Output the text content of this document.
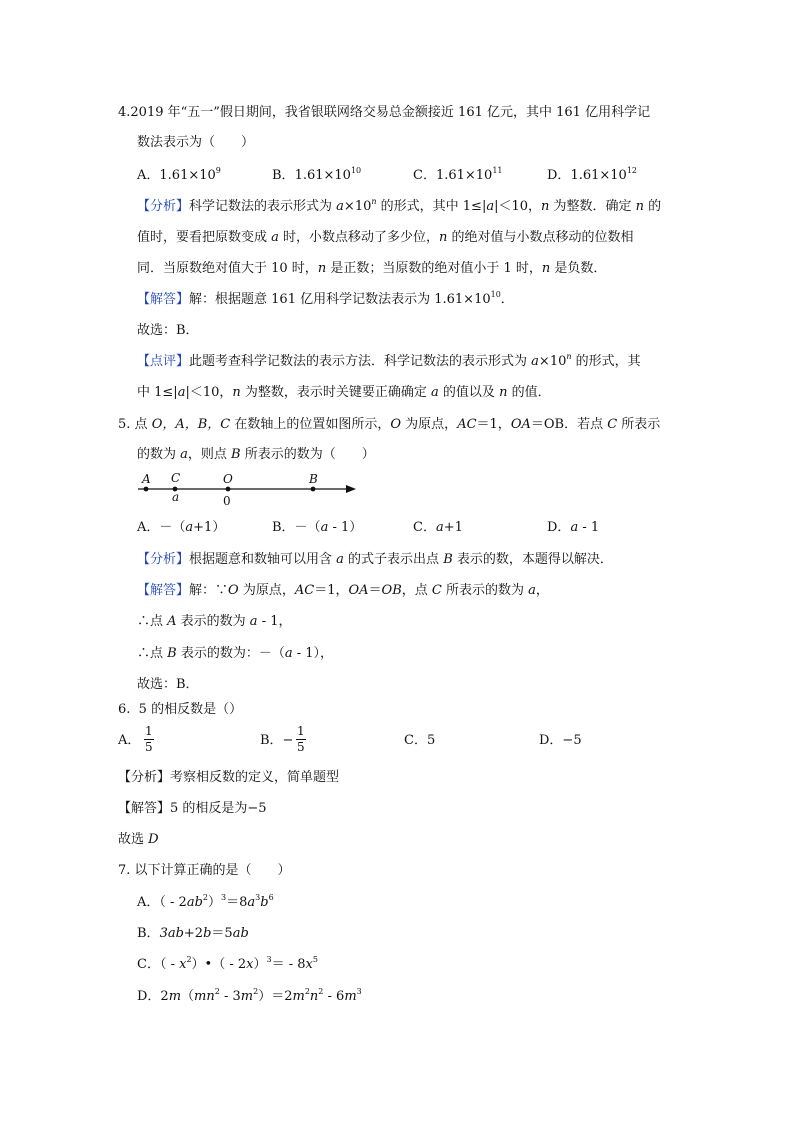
4.2019 年“五一”假日期间，我省银联网络交易总金额接近 161 亿元，其中 161 亿用科学记
数法表示为（　　）
A．$1.61\times 10^9$	B．$1.61\times 10^{10}$	C．$1.61\times 10^{11}$	D．$1.61\times 10^{12}$
【分析】科学记数法的表示形式为 $a\times 10^n$ 的形式，其中 1≤|a|＜10，n 为整数．确定 n 的
值时，要看把原数变成 a 时，小数点移动了多少位，n 的绝对值与小数点移动的位数相
同．当原数绝对值大于 10 时，n 是正数；当原数的绝对值小于 1 时，n 是负数．
【解答】解：根据题意 161 亿用科学记数法表示为 $1.61\times 10^{10}$．
故选：B．
【点评】此题考查科学记数法的表示方法．科学记数法的表示形式为 $a\times 10^n$ 的形式，其
中 1≤|a|＜10，n 为整数，表示时关键要正确确定 a 的值以及 n 的值．
5. 点 O，A，B，C 在数轴上的位置如图所示，O 为原点，AC＝1，OA＝OB．若点 C 所表示
的数为 a，则点 B 所表示的数为（　　）
A C	O	B
a	0
A．－（a+1）	B．－（a - 1）	C．a+1	D．a - 1
【分析】根据题意和数轴可以用含 a 的式子表示出点 B 表示的数，本题得以解决．
【解答】解：∵O 为原点，AC＝1，OA＝OB，点 C 所表示的数为 a，
∴点 A 表示的数为 a - 1，
∴点 B 表示的数为：－（a - 1），
故选：B．
6. 5 的相反数是（）
A． $\frac{1}{5}$	B．− $\frac{1}{5}$	C．5	D．−5
【分析】考察相反数的定义，简单题型
【解答】5 的相反是为−5
故选 D
7. 以下计算正确的是（　　）
A．（ - $2ab^2)^3=8a^3b^6$
B．3ab+2b＝5ab
C．（ - $x^2)•( - 2x)^3= - 8x^5$
D．$2m(mn^2 - 3m^2)=2m^2n^2 - 6m^3$
